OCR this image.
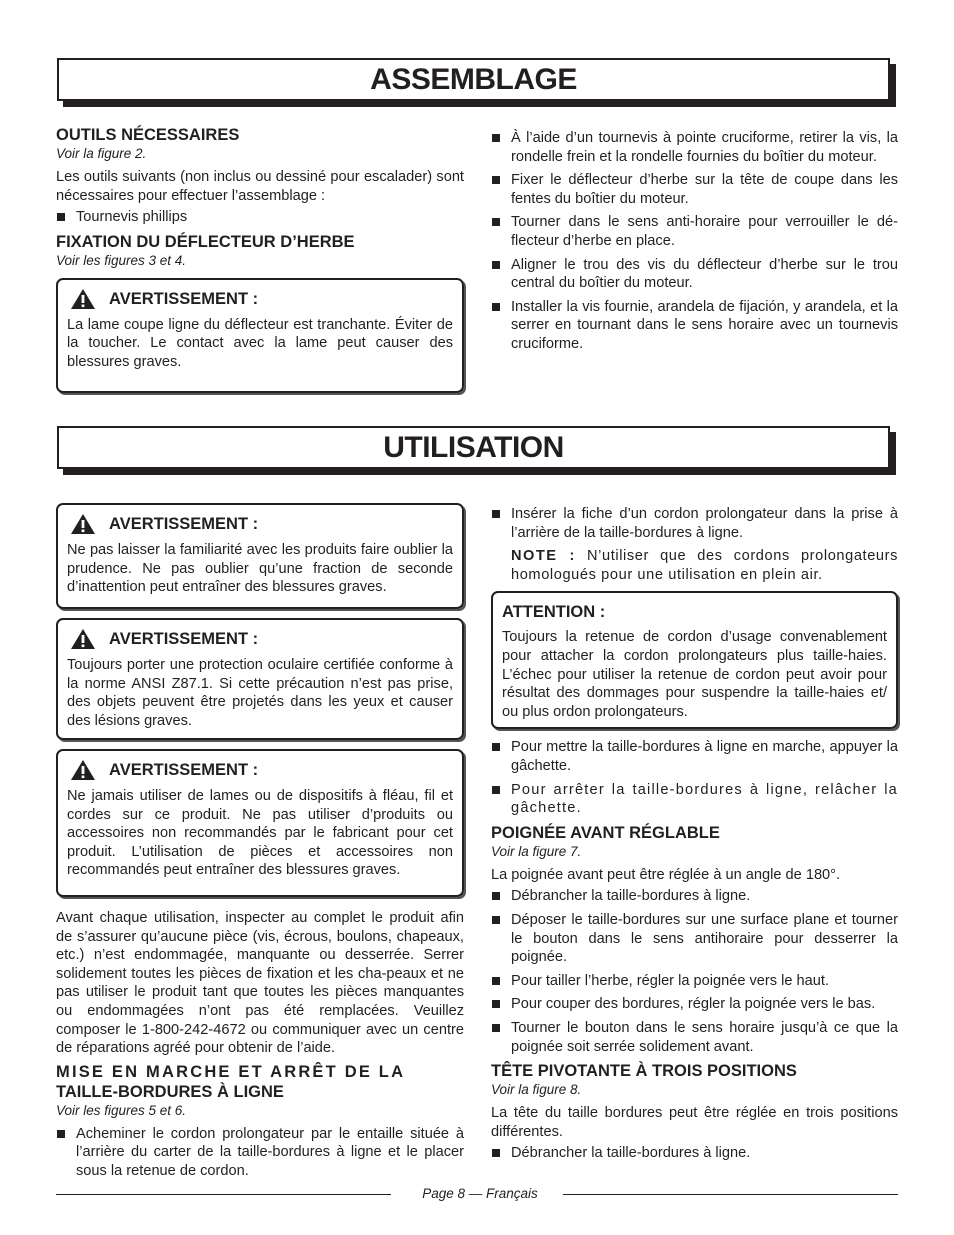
ASSEMBLAGE
OUTILS NÉCESSAIRES
Voir la figure 2.

Les outils suivants (non inclus ou dessiné pour escalader) sont nécessaires pour effectuer l’assemblage :

Tournevis phillips
FIXATION DU DÉFLECTEUR D’HERBE
Voir les figures 3 et 4.
AVERTISSEMENT :
La lame coupe ligne du déflecteur est tranchante. Éviter de la toucher. Le contact avec la lame peut causer des blessures graves.
À l’aide d’un tournevis à pointe cruciforme, retirer la vis, la rondelle frein et la rondelle fournies du boîtier du moteur.
Fixer le déflecteur d’herbe sur la tête de coupe dans les fentes du boîtier du moteur.
Tourner dans le sens anti-horaire pour verrouiller le dé-flecteur d’herbe en place.
Aligner le trou des vis du déflecteur d’herbe sur le trou central du boîtier du moteur.
Installer la vis fournie, arandela de fijación, y arandela, et la serrer en tournant dans le sens horaire avec un tournevis cruciforme.
UTILISATION
AVERTISSEMENT :
Ne pas laisser la familiarité avec les produits faire oublier la prudence. Ne pas oublier qu’une fraction de seconde d’inattention peut entraîner des blessures graves.
AVERTISSEMENT :
Toujours porter une protection oculaire certifiée conforme à la norme ANSI Z87.1. Si cette précaution n’est pas prise, des objets peuvent être projetés dans les yeux et causer des lésions graves.
AVERTISSEMENT :
Ne jamais utiliser de lames ou de dispositifs à fléau, fil et cordes sur ce produit. Ne pas utiliser d’produits ou accessoires non recommandés par le fabricant pour cet produit. L’utilisation de pièces et accessoires non recommandés peut entraîner des blessures graves.

Avant chaque utilisation, inspecter au complet le produit afin de s’assurer qu’aucune pièce (vis, écrous, boulons, chapeaux, etc.) n’est endommagée, manquante ou desserrée. Serrer solidement toutes les pièces de fixation et les cha-peaux et ne pas utiliser le produit tant que toutes les pièces manquantes ou endommagées n’ont pas été remplacées. Veuillez composer le 1-800-242-4672 ou communiquer avec un centre de réparations agréé pour obtenir de l’aide.

MISE EN MARCHE ET ARRÊT DE LA
TAILLE-BORDURES À LIGNE
Voir les figures 5 et 6.
Acheminer le cordon prolongateur par le entaille située à l’arrière du carter de la taille-bordures à ligne et le placer sous la retenue de cordon.
Insérer la fiche d’un cordon prolongateur dans la prise à l’arrière de la taille-bordures à ligne.
NOTE : N’utiliser que des cordons prolongateurs homologués pour une utilisation en plein air.
ATTENTION :
Toujours la retenue de cordon d’usage convenablement pour attacher la cordon prolongateurs plus taille-haies. L’échec pour utiliser la retenue de cordon peut avoir pour résultat des dommages pour suspendre la taille-haies et/ ou plus ordon prolongateurs.
Pour mettre la taille-bordures à ligne en marche, appuyer la gâchette.
Pour arrêter la taille-bordures à ligne, relâcher la gâchette.
POIGNÉE AVANT RÉGLABLE
Voir la figure 7.

La poignée avant peut être réglée à un angle de 180°.

Débrancher la taille-bordures à ligne.
Déposer le taille-bordures sur une surface plane et tourner le bouton dans le sens antihoraire pour desserrer la poignée.
Pour tailler l’herbe, régler la poignée vers le haut.
Pour couper des bordures, régler la poignée vers le bas.
Tourner le bouton dans le sens horaire jusqu’à ce que la poignée soit serrée solidement avant.
TÊTE PIVOTANTE À TROIS POSITIONS
Voir la figure 8.

La tête du taille bordures peut être réglée en trois positions différentes.

Débrancher la taille-bordures à ligne.
Page 8 — Français
